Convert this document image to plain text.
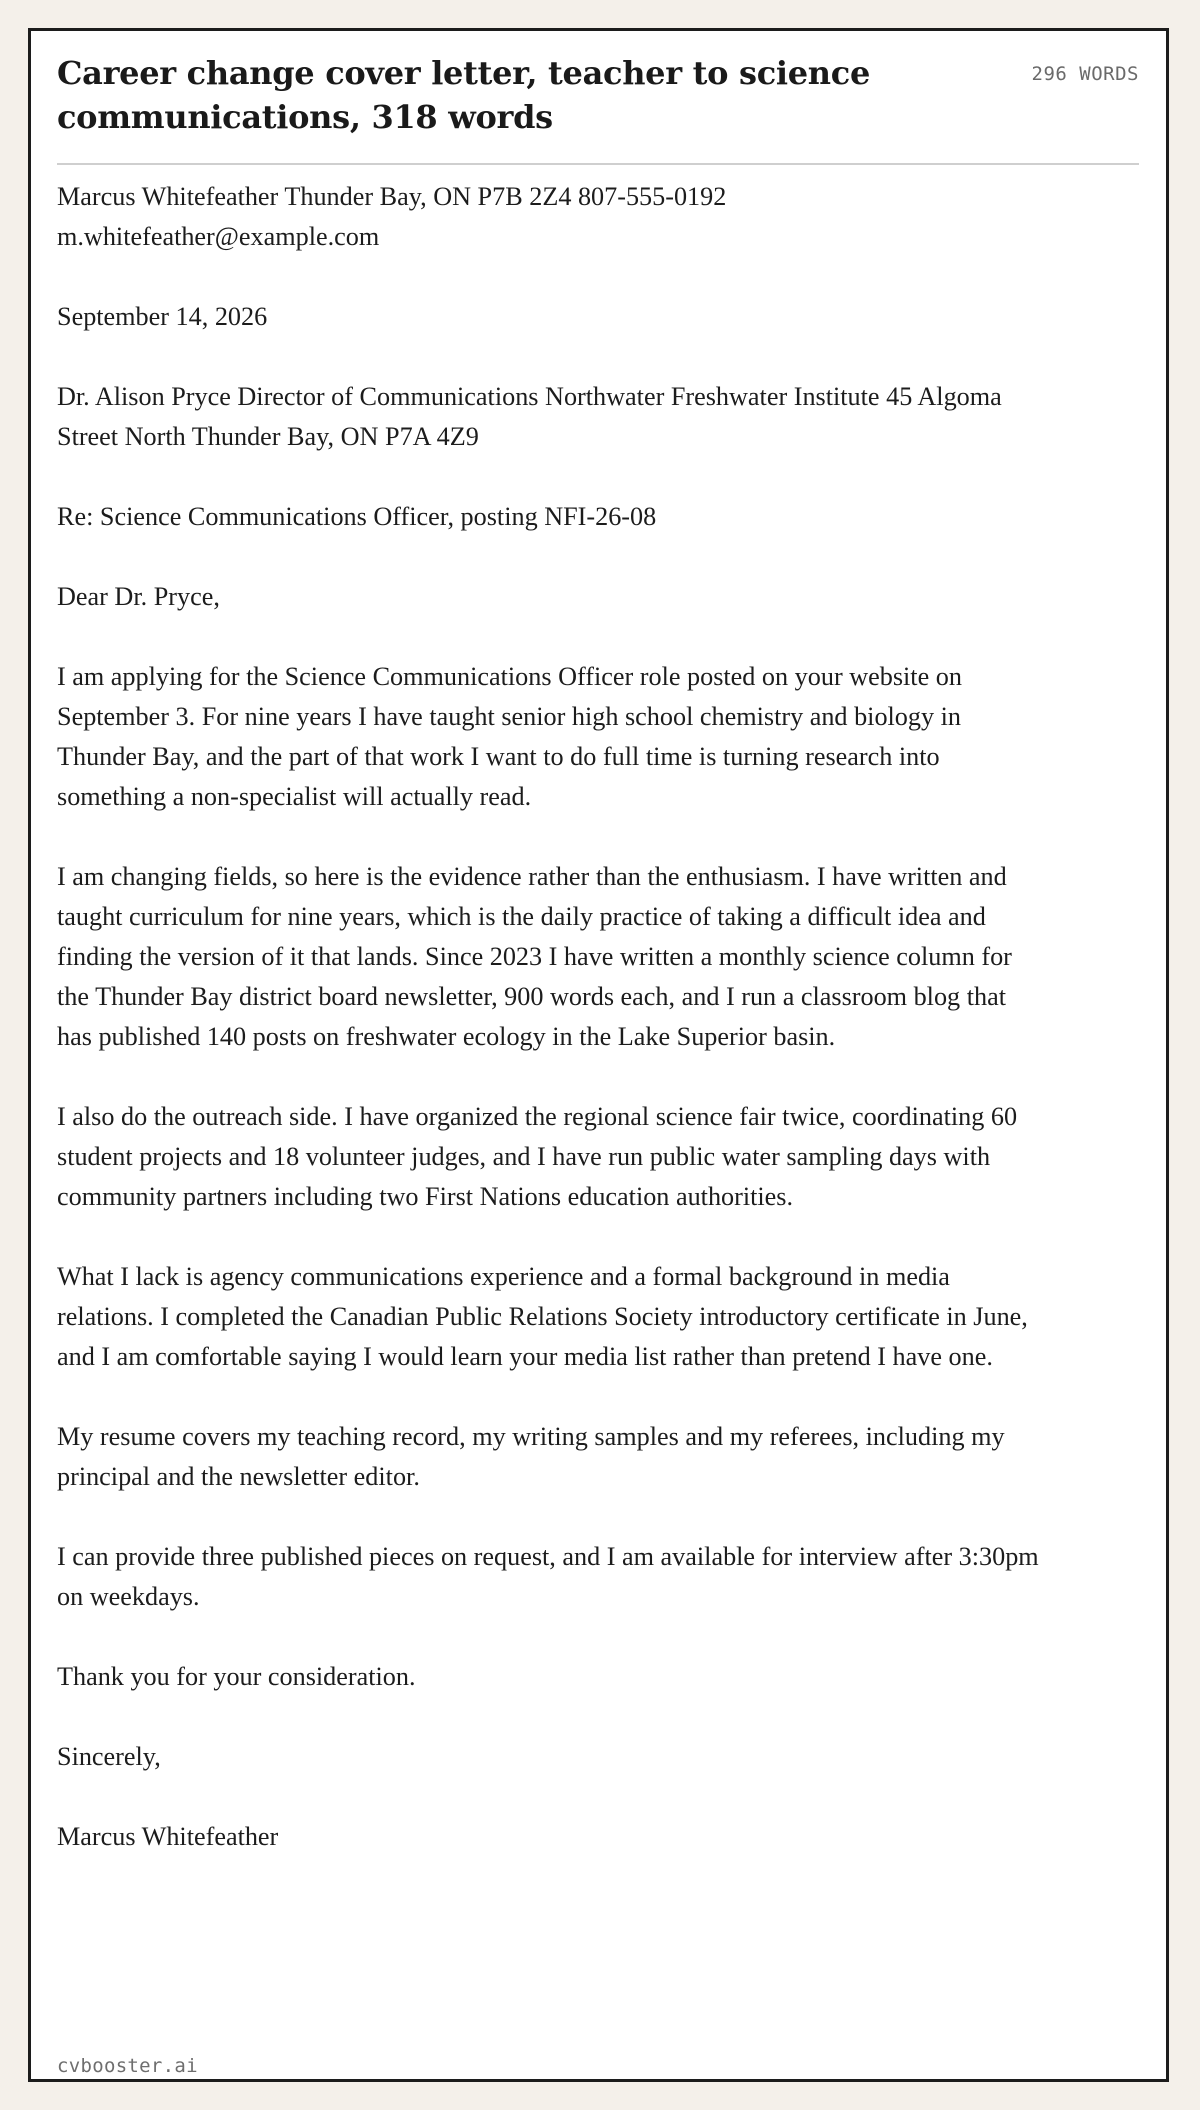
Career change cover letter, teacher to science communications, 318 words
296 WORDS

Marcus Whitefeather Thunder Bay, ON P7B 2Z4 807-555-0192 m.whitefeather@example.com

September 14, 2026

Dr. Alison Pryce Director of Communications Northwater Freshwater Institute 45 Algoma Street North Thunder Bay, ON P7A 4Z9

Re: Science Communications Officer, posting NFI-26-08

Dear Dr. Pryce,

I am applying for the Science Communications Officer role posted on your website on September 3. For nine years I have taught senior high school chemistry and biology in Thunder Bay, and the part of that work I want to do full time is turning research into something a non-specialist will actually read.

I am changing fields, so here is the evidence rather than the enthusiasm. I have written and taught curriculum for nine years, which is the daily practice of taking a difficult idea and finding the version of it that lands. Since 2023 I have written a monthly science column for the Thunder Bay district board newsletter, 900 words each, and I run a classroom blog that has published 140 posts on freshwater ecology in the Lake Superior basin.

I also do the outreach side. I have organized the regional science fair twice, coordinating 60 student projects and 18 volunteer judges, and I have run public water sampling days with community partners including two First Nations education authorities.

What I lack is agency communications experience and a formal background in media relations. I completed the Canadian Public Relations Society introductory certificate in June, and I am comfortable saying I would learn your media list rather than pretend I have one.

My resume covers my teaching record, my writing samples and my referees, including my principal and the newsletter editor.

I can provide three published pieces on request, and I am available for interview after 3:30pm on weekdays.

Thank you for your consideration.

Sincerely,

Marcus Whitefeather

cvbooster.ai
